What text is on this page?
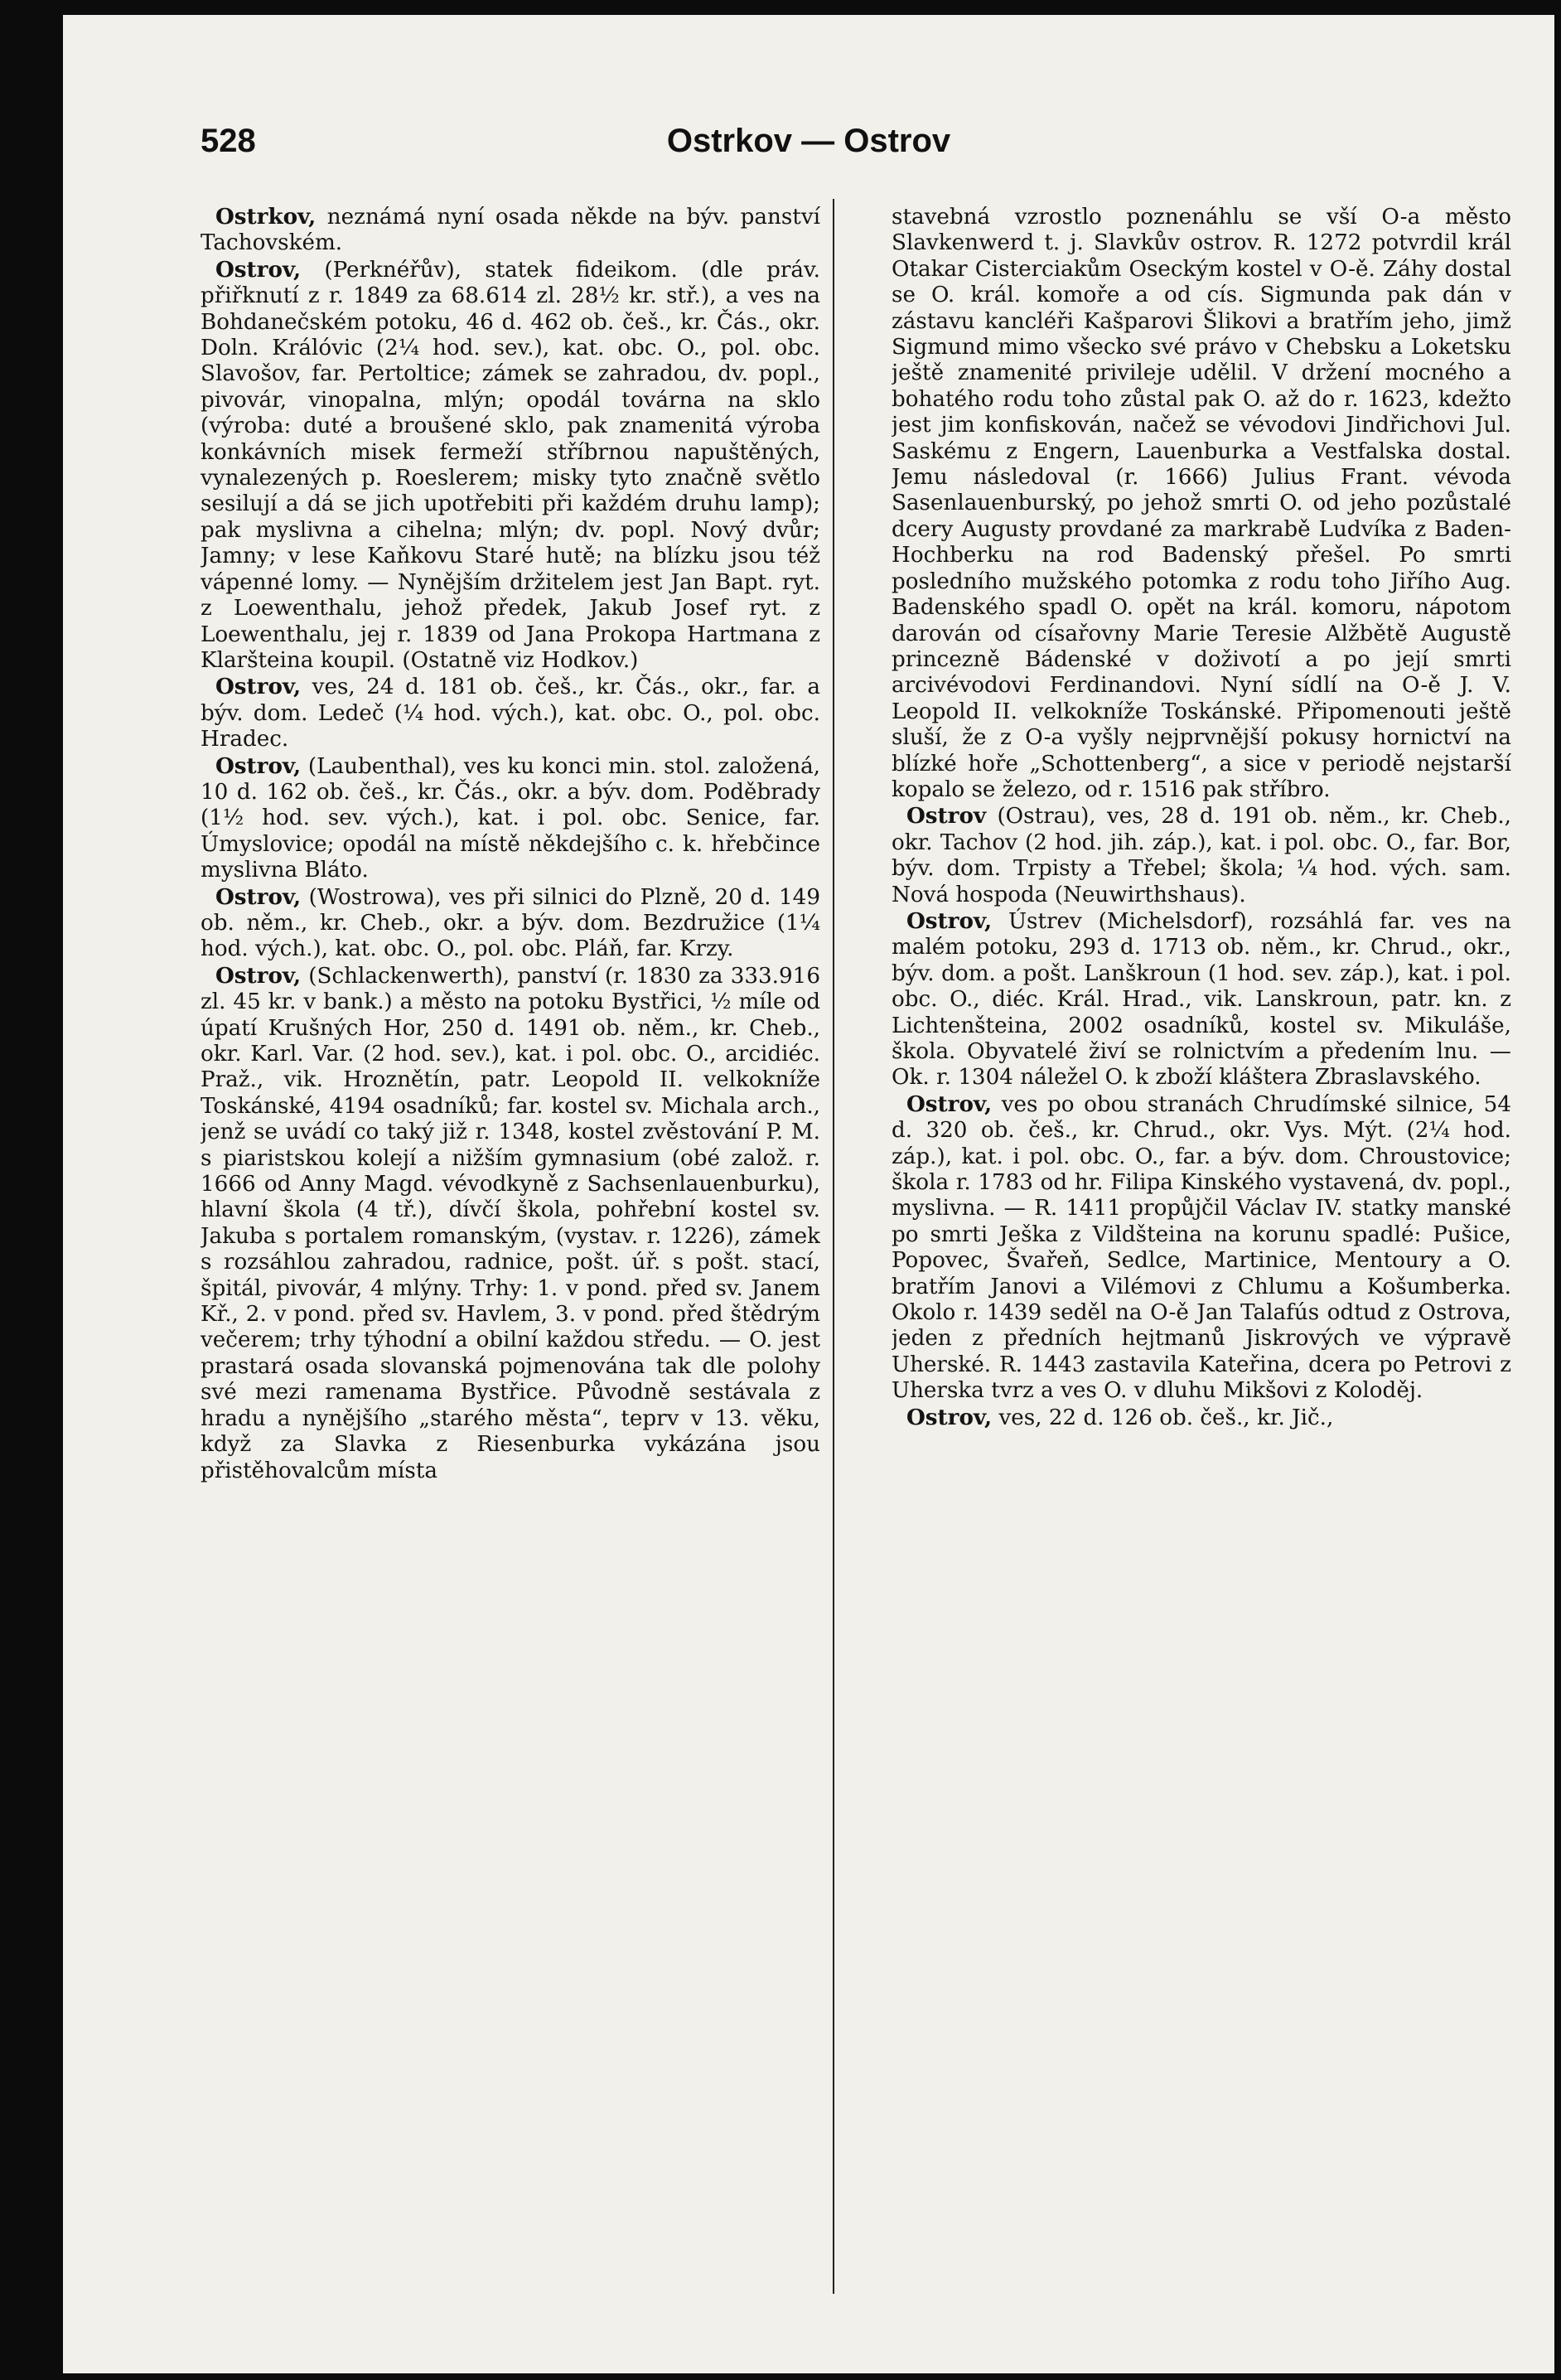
528	Ostrkov — Ostrov

Ostrkov, neznámá nyní osada někde na býv. panství Tachovském.

Ostrov, (Perknéřův), statek fideikom. (dle práv. přiřknutí z r. 1849 za 68.614 zl. 28½ kr. stř.), a ves na Bohdanečském potoku, 46 d. 462 ob. češ., kr. Čás., okr. Doln. Králóvic (2¼ hod. sev.), kat. obc. O., pol. obc. Slavošov, far. Pertoltice; zámek se zahradou, dv. popl., pivovár, vinopalna, mlýn; opodál továrna na sklo (výroba: duté a broušené sklo, pak znamenitá výroba konkávních misek fermeží stříbrnou napuštěných, vynalezených p. Roeslerem; misky tyto značně světlo sesilují a dá se jich upotřebiti při každém druhu lamp); pak myslivna a cihelna; mlýn; dv. popl. Nový dvůr; Jamny; v lese Kaňkovu Staré hutě; na blízku jsou též vápenné lomy. — Nynějším držitelem jest Jan Bapt. ryt. z Loewenthalu, jehož předek, Jakub Josef ryt. z Loewenthalu, jej r. 1839 od Jana Prokopa Hartmana z Klaršteina koupil. (Ostatně viz Hodkov.)

Ostrov, ves, 24 d. 181 ob. češ., kr. Čás., okr., far. a býv. dom. Ledeč (¼ hod. vých.), kat. obc. O., pol. obc. Hradec.

Ostrov, (Laubenthal), ves ku konci min. stol. založená, 10 d. 162 ob. češ., kr. Čás., okr. a býv. dom. Poděbrady (1½ hod. sev. vých.), kat. i pol. obc. Senice, far. Úmyslovice; opodál na místě někdejšího c. k. hřebčince myslivna Bláto.

Ostrov, (Wostrowa), ves při silnici do Plzně, 20 d. 149 ob. něm., kr. Cheb., okr. a býv. dom. Bezdružice (1¼ hod. vých.), kat. obc. O., pol. obc. Pláň, far. Krzy.

Ostrov, (Schlackenwerth), panství (r. 1830 za 333.916 zl. 45 kr. v bank.) a město na potoku Bystřici, ½ míle od úpatí Krušných Hor, 250 d. 1491 ob. něm., kr. Cheb., okr. Karl. Var. (2 hod. sev.), kat. i pol. obc. O., arcidiéc. Praž., vik. Hroznětín, patr. Leopold II. velkokníže Toskánské, 4194 osadníků; far. kostel sv. Michala arch., jenž se uvádí co taký již r. 1348, kostel zvěstování P. M. s piaristskou kolejí a nižším gymnasium (obé založ. r. 1666 od Anny Magd. vévodkyně z Sachsenlauenburku), hlavní škola (4 tř.), dívčí škola, pohřební kostel sv. Jakuba s portalem romanským, (vystav. r. 1226), zámek s rozsáhlou zahradou, radnice, pošt. úř. s pošt. stací, špitál, pivovár, 4 mlýny. Trhy: 1. v pond. před sv. Janem Kř., 2. v pond. před sv. Havlem, 3. v pond. před štědrým večerem; trhy týhodní a obilní každou středu. — O. jest prastará osada slovanská pojmenována tak dle polohy své mezi ramenama Bystřice. Původně sestávala z hradu a nynějšího „starého města“, teprv v 13. věku, když za Slavka z Riesenburka vykázána jsou přistěhovalcům místa

stavebná vzrostlo poznenáhlu se vší O-a město Slavkenwerd t. j. Slavkův ostrov. R. 1272 potvrdil král Otakar Cisterciakům Oseckým kostel v O-ě. Záhy dostal se O. král. komoře a od cís. Sigmunda pak dán v zástavu kancléři Kašparovi Šlikovi a bratřím jeho, jimž Sigmund mimo všecko své právo v Chebsku a Loketsku ještě znamenité privileje udělil. V držení mocného a bohatého rodu toho zůstal pak O. až do r. 1623, kdežto jest jim konfiskován, načež se vévodovi Jindřichovi Jul. Saskému z Engern, Lauenburka a Vestfalska dostal. Jemu následoval (r. 1666) Julius Frant. vévoda Sasenlauenburský, po jehož smrti O. od jeho pozůstalé dcery Augusty provdané za markrabě Ludvíka z Baden-Hochberku na rod Badenský přešel. Po smrti posledního mužského potomka z rodu toho Jiřího Aug. Badenského spadl O. opět na král. komoru, nápotom darován od císařovny Marie Teresie Alžbětě Augustě princezně Bádenské v doživotí a po její smrti arcivévodovi Ferdinandovi. Nyní sídlí na O-ě J. V. Leopold II. velkokníže Toskánské. Připomenouti ještě sluší, že z O-a vyšly nejprvnější pokusy hornictví na blízké hoře „Schottenberg“, a sice v periodě nejstarší kopalo se železo, od r. 1516 pak stříbro.

Ostrov (Ostrau), ves, 28 d. 191 ob. něm., kr. Cheb., okr. Tachov (2 hod. jih. záp.), kat. i pol. obc. O., far. Bor, býv. dom. Trpisty a Třebel; škola; ¼ hod. vých. sam. Nová hospoda (Neuwirthshaus).

Ostrov, Ústrev (Michelsdorf), rozsáhlá far. ves na malém potoku, 293 d. 1713 ob. něm., kr. Chrud., okr., býv. dom. a pošt. Lanškroun (1 hod. sev. záp.), kat. i pol. obc. O., diéc. Král. Hrad., vik. Lanskroun, patr. kn. z Lichtenšteina, 2002 osadníků, kostel sv. Mikuláše, škola. Obyvatelé živí se rolnictvím a předením lnu. — Ok. r. 1304 náležel O. k zboží kláštera Zbraslavského.

Ostrov, ves po obou stranách Chrudímské silnice, 54 d. 320 ob. češ., kr. Chrud., okr. Vys. Mýt. (2¼ hod. záp.), kat. i pol. obc. O., far. a býv. dom. Chroustovice; škola r. 1783 od hr. Filipa Kinského vystavená, dv. popl., myslivna. — R. 1411 propůjčil Václav IV. statky manské po smrti Ješka z Vildšteina na korunu spadlé: Pušice, Popovec, Švařeň, Sedlce, Martinice, Mentoury a O. bratřím Janovi a Vilémovi z Chlumu a Košumberka. Okolo r. 1439 seděl na O-ě Jan Talafús odtud z Ostrova, jeden z předních hejtmanů Jiskrových ve výpravě Uherské. R. 1443 zastavila Kateřina, dcera po Petrovi z Uherska tvrz a ves O. v dluhu Mikšovi z Koloděj.

Ostrov, ves, 22 d. 126 ob. češ., kr. Jič.,
